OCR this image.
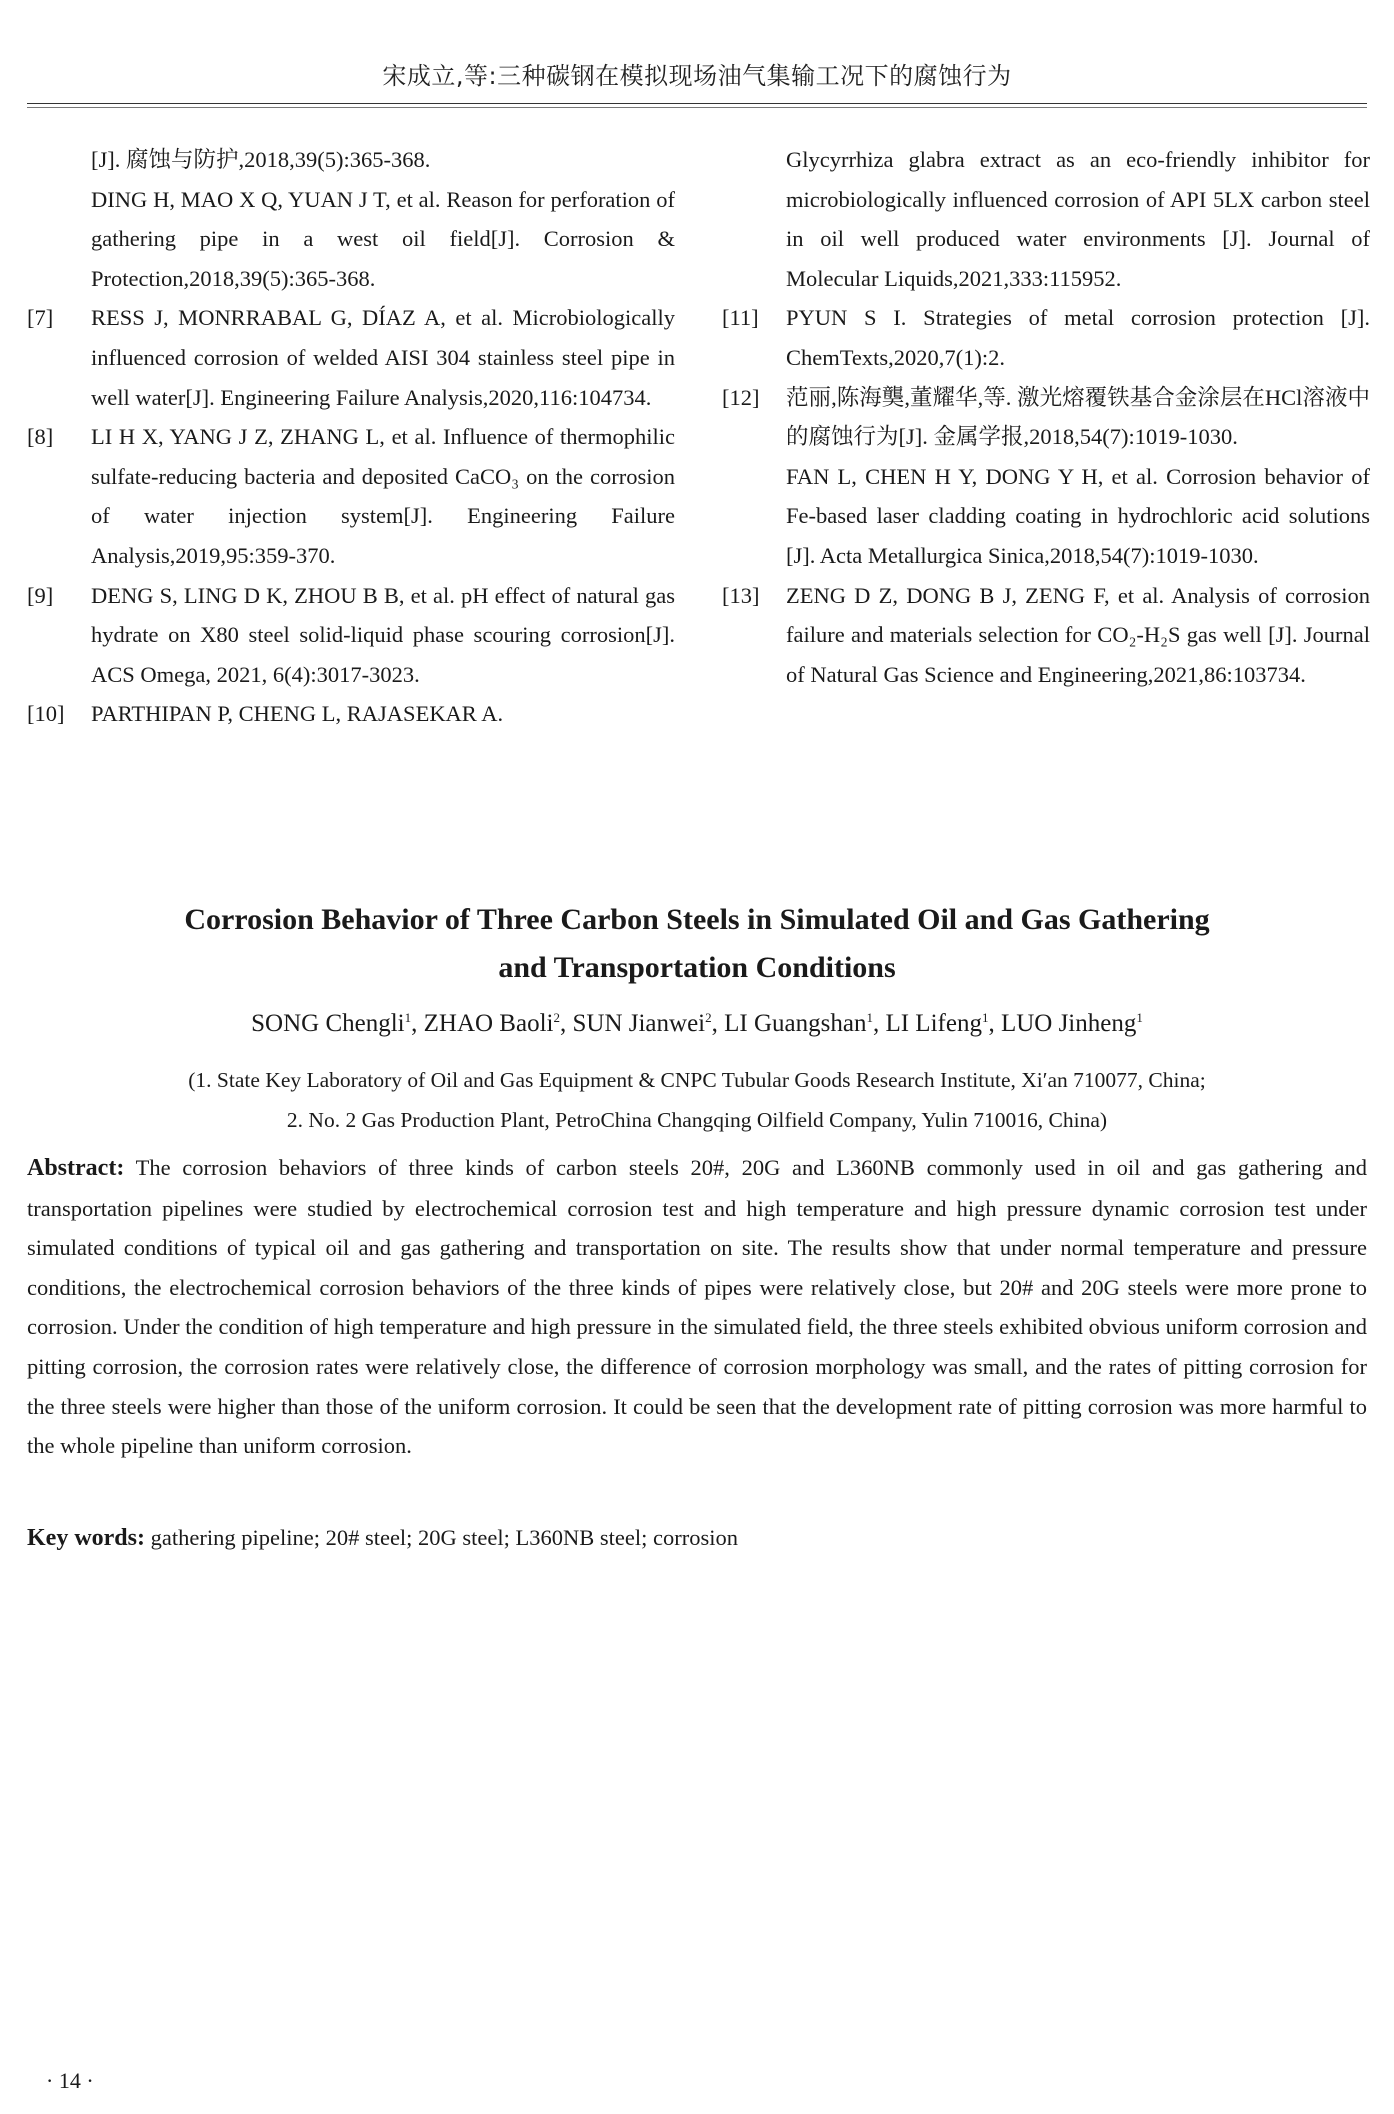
宋成立,等:三种碳钢在模拟现场油气集输工况下的腐蚀行为
[J]. 腐蚀与防护,2018,39(5):365-368.
DING H, MAO X Q, YUAN J T, et al. Reason for perforation of gathering pipe in a west oil field[J]. Corrosion & Protection,2018,39(5):365-368.
[7]	RESS J, MONRRABAL G, DÍAZ A, et al. Microbiologically influenced corrosion of welded AISI 304 stainless steel pipe in well water[J]. Engineering Failure Analysis,2020,116:104734.
[8]	LI H X, YANG J Z, ZHANG L, et al. Influence of thermophilic sulfate-reducing bacteria and deposited CaCO₃ on the corrosion of water injection system[J]. Engineering Failure Analysis,2019,95:359-370.
[9]	DENG S, LING D K, ZHOU B B, et al. pH effect of natural gas hydrate on X80 steel solid-liquid phase scouring corrosion[J]. ACS Omega, 2021, 6(4):3017-3023.
[10]	PARTHIPAN P, CHENG L, RAJASEKAR A.
Glycyrrhiza glabra extract as an eco-friendly inhibitor for microbiologically influenced corrosion of API 5LX carbon steel in oil well produced water environments [J]. Journal of Molecular Liquids,2021,333:115952.
[11]	PYUN S I. Strategies of metal corrosion protection [J]. ChemTexts,2020,7(1):2.
[12]	范丽,陈海龑,董耀华,等. 激光熔覆铁基合金涂层在HCl溶液中的腐蚀行为[J]. 金属学报,2018,54(7):1019-1030.
FAN L, CHEN H Y, DONG Y H, et al. Corrosion behavior of Fe-based laser cladding coating in hydrochloric acid solutions [J]. Acta Metallurgica Sinica,2018,54(7):1019-1030.
[13]	ZENG D Z, DONG B J, ZENG F, et al. Analysis of corrosion failure and materials selection for CO₂-H₂S gas well [J]. Journal of Natural Gas Science and Engineering,2021,86:103734.
Corrosion Behavior of Three Carbon Steels in Simulated Oil and Gas Gathering
and Transportation Conditions
SONG Chengli$^1$, ZHAO Baoli$^2$, SUN Jianwei$^2$, LI Guangshan$^1$, LI Lifeng$^1$, LUO Jinheng$^1$
(1. State Key Laboratory of Oil and Gas Equipment & CNPC Tubular Goods Research Institute, Xi′an 710077, China;
2. No. 2 Gas Production Plant, PetroChina Changqing Oilfield Company, Yulin 710016, China)
Abstract: The corrosion behaviors of three kinds of carbon steels 20#, 20G and L360NB commonly used in oil and gas gathering and transportation pipelines were studied by electrochemical corrosion test and high temperature and high pressure dynamic corrosion test under simulated conditions of typical oil and gas gathering and transportation on site. The results show that under normal temperature and pressure conditions, the electrochemical corrosion behaviors of the three kinds of pipes were relatively close, but 20# and 20G steels were more prone to corrosion. Under the condition of high temperature and high pressure in the simulated field, the three steels exhibited obvious uniform corrosion and pitting corrosion, the corrosion rates were relatively close, the difference of corrosion morphology was small, and the rates of pitting corrosion for the three steels were higher than those of the uniform corrosion. It could be seen that the development rate of pitting corrosion was more harmful to the whole pipeline than uniform corrosion.
Key words: gathering pipeline; 20# steel; 20G steel; L360NB steel; corrosion
· 14 ·
